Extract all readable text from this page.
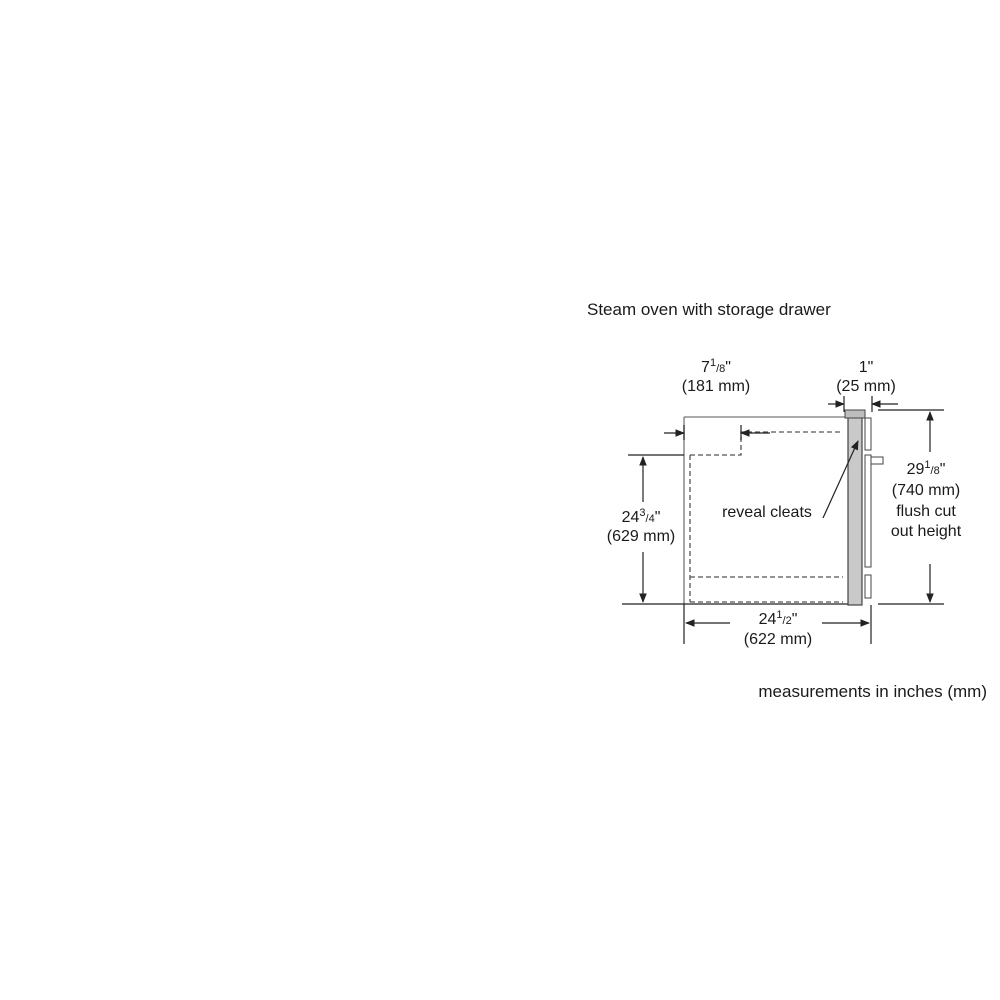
Steam oven with storage drawer
$7^1_/8$"
(181 mm)
1"
(25 mm)
$29^1_/8$"
(740 mm)
flush cut
out height
$24^3_/4$"
(629 mm)
$24^1_/2$"
(622 mm)
reveal cleats
measurements in inches (mm)
